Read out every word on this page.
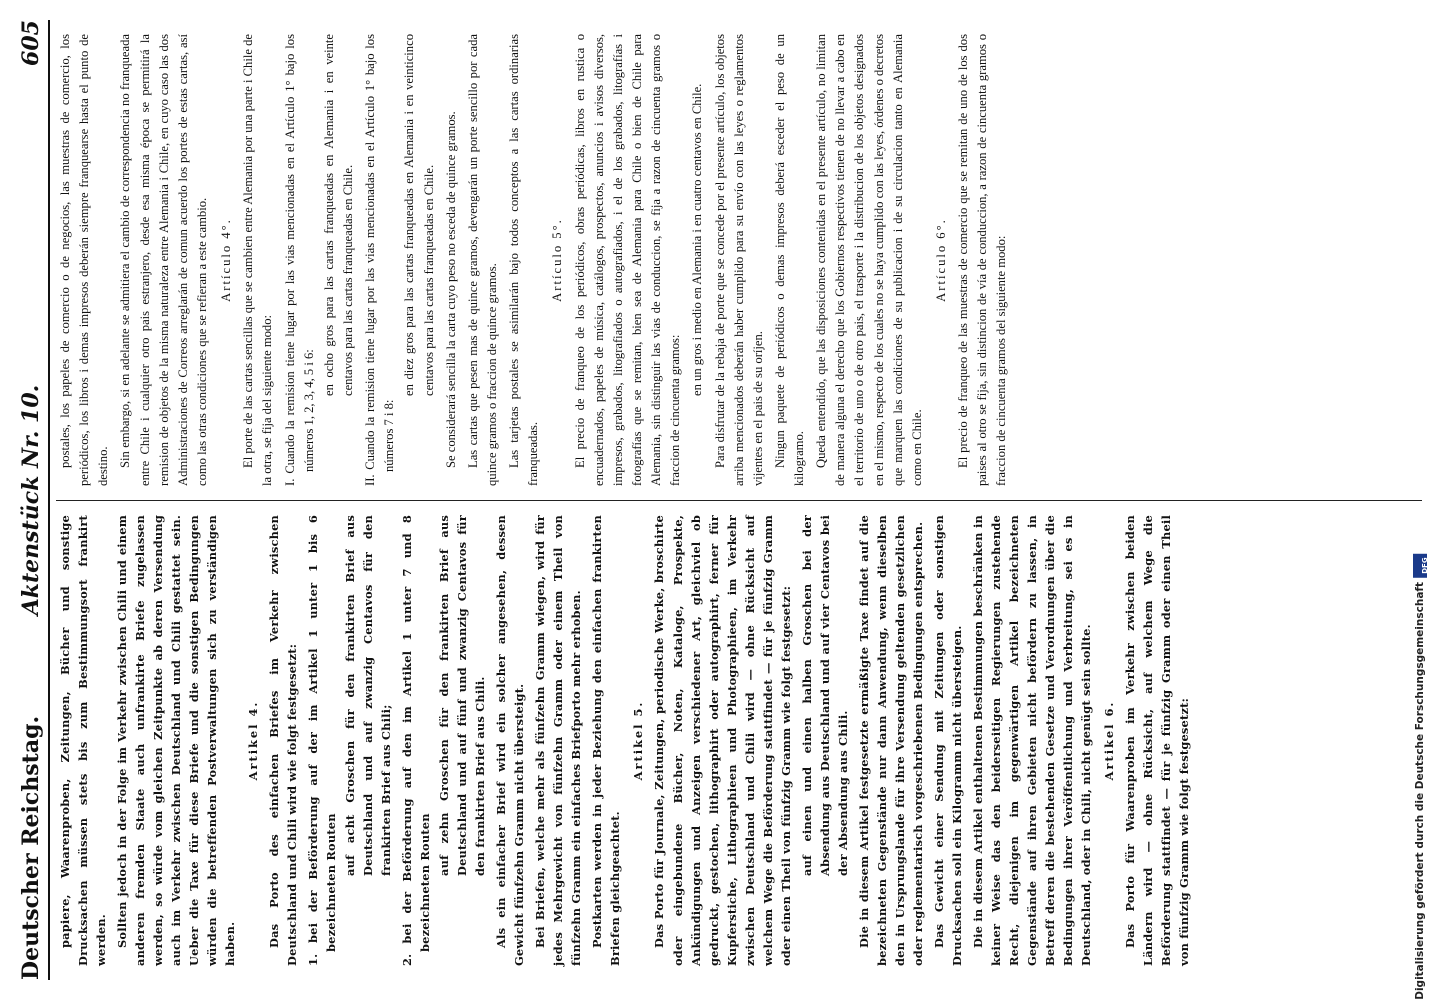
Deutscher Reichstag.
Aktenstück Nr. 10.
605

papiere, Waarenproben, Zeitungen, Bücher und sonstige Drucksachen müssen stets bis zum Bestimmungsort frankirt werden. Sollten jedoch in der Folge im Verkehr zwischen Chili und einem anderen fremden Staate auch unfrankirte Briefe zugelassen werden, so würde vom gleichen Zeitpunkte ab deren Versendung auch im Verkehr zwischen Deutschland und Chili gestattet sein. Ueber die Taxe für diese Briefe und die sonstigen Bedingungen würden die betreffenden Postverwaltungen sich zu verständigen haben.

Artikel 4. Das Porto des einfachen Briefes im Verkehr zwischen Deutschland und Chili wird wie folgt festgesetzt: 1. bei der Beförderung auf der im Artikel 1 unter 1 bis 6 bezeichneten Routen

auf acht Groschen für den frankirten Brief aus Deutschland und auf zwanzig Centavos für den frankirten Brief aus Chili; 2. bei der Beförderung auf den im Artikel 1 unter 7 und 8 bezeichneten Routen

auf zehn Groschen für den frankirten Brief aus Deutschland und auf fünf und zwanzig Centavos für den frankirten Brief aus Chili. Als ein einfacher Brief wird ein solcher angesehen, dessen Gewicht fünfzehn Gramm nicht übersteigt. Bei Briefen, welche mehr als fünfzehn Gramm wiegen, wird für jedes Mehrgewicht von fünfzehn Gramm oder einem Theil von fünfzehn Gramm ein einfaches Briefporto mehr erhoben. Postkarten werden in jeder Beziehung den einfachen frankirten Briefen gleichgeachtet.

Artikel 5. Das Porto für Journale, Zeitungen, periodische Werke, broschirte oder eingebundene Bücher, Noten, Kataloge, Prospekte, Ankündigungen und Anzeigen verschiedener Art, gleichviel ob gedruckt, gestochen, lithographirt oder autographirt, ferner für Kupferstiche, Lithographieen und Photographieen, im Verkehr zwischen Deutschland und Chili wird — ohne Rücksicht auf welchem Wege die Beförderung stattfindet — für je fünfzig Gramm oder einen Theil von fünfzig Gramm wie folgt festgesetzt: auf einen und einen halben Groschen bei der Absendung aus Deutschland und auf vier Centavos bei der Absendung aus Chili. Die in diesem Artikel festgesetzte ermäßigte Taxe findet auf die bezeichneten Gegenstände nur dann Anwendung, wenn dieselben den in Ursprungslande für ihre Versendung geltenden gesetzlichen oder reglementarisch vorgeschriebenen Bedingungen entsprechen. Das Gewicht einer Sendung mit Zeitungen oder sonstigen Drucksachen soll ein Kilogramm nicht übersteigen. Die in diesem Artikel enthaltenen Bestimmungen beschränken in keiner Weise das den beiderseitigen Regierungen zustehende Recht, diejenigen im gegenwärtigen Artikel bezeichneten Gegenstände auf ihren Gebieten nicht befördern zu lassen, in Betreff deren die bestehenden Gesetze und Verordnungen über die Bedingungen ihrer Veröffentlichung und Verbreitung, sei es in Deutschland, oder in Chili, nicht genügt sein sollte. Artikel 6. Das Porto für Waarenproben im Verkehr zwischen beiden Ländern wird — ohne Rücksicht, auf welchem Wege die Beförderung stattfindet — für je fünfzig Gramm oder einen Theil von fünfzig Gramm wie folgt festgesetzt:

postales, los papeles de comercio o de negocios, las muestras de comercio, los periódicos, los libros i demas impresos deberán siempre franquearse hasta el punto de destino. Sin embargo, si en adelante se admitiera el cambio de correspondencia no franqueada entre Chile i cualquier otro pais estranjero, desde esa misma época se permitirá la remision de objetos de la misma naturaleza entre Alemania i Chile, en cuyo caso las dos Administraciones de Correos arreglarán de comun acuerdo los portes de estas cartas, así como las otras condiciones que se refieran a este cambio. Artículo 4°. El porte de las cartas sencillas que se cambien entre Alemania por una parte i Chile de la otra, se fija del siguiente modo: I. Cuando la remision tiene lugar por las vias mencionadas en el Artículo 1° bajo los números 1, 2, 3, 4, 5 i 6:

en ocho gros para las cartas franqueadas en Alemania i en veinte centavos para las cartas franqueadas en Chile. II. Cuando la remision tiene lugar por las vias mencionadas en el Artículo 1° bajo los números 7 i 8:

en diez gros para las cartas franqueadas en Alemania i en veinticinco centavos para las cartas franqueadas en Chile. Se considerará sencilla la carta cuyo peso no esceda de quince gramos. Las cartas que pesen mas de quince gramos, devengarán un porte sencillo por cada quince gramos o fraccion de quince gramos. Las tarjetas postales se asimilarán bajo todos conceptos a las cartas ordinarias franqueadas.

Artículo 5°. El precio de franqueo de los periódicos, obras periódicas, libros en rustica o encuadernados, papeles de música, catálogos, prospectos, anuncios i avisos diversos, impresos, grabados, litografiados o autografiados, i el de los grabados, litografías i fotografías que se remitan, bien sea de Alemania para Chile o bien de Chile para Alemania, sin distinguir las vias de conduccion, se fija a razon de cincuenta gramos o fraccion de cincuenta gramos:

en un gros i medio en Alemania i en cuatro centavos en Chile. Para disfrutar de la rebaja de porte que se concede por el presente artículo, los objetos arriba mencionados deberán haber cumplido para su envío con las leyes o reglamentos vijentes en el pais de su oríjen. Ningun paquete de periódicos o demas impresos deberá esceder el peso de un kilogramo. Queda entendido, que las disposiciones contenidas en el presente artículo, no limitan de manera alguna el derecho que los Gobiernos respectivos tienen de no llevar a cabo en el territorio de uno o de otro pais, el trasporte i la distribucion de los objetos designados en el mismo, respecto de los cuales no se haya cumplido con las leyes, órdenes o decretos que marquen las condiciones de su publicacion i de su circulacion tanto en Alemania como en Chile.

Artículo 6°. El precio de franqueo de las muestras de comercio que se remitan de uno de los dos paises al otro se fija, sin distincion de vía de conduccion, a razon de cincuenta gramos o fraccion de cincuenta gramos del siguiente modo:

Digitalisierung gefördert durch die Deutsche Forschungsgemeinschaft
DFG
